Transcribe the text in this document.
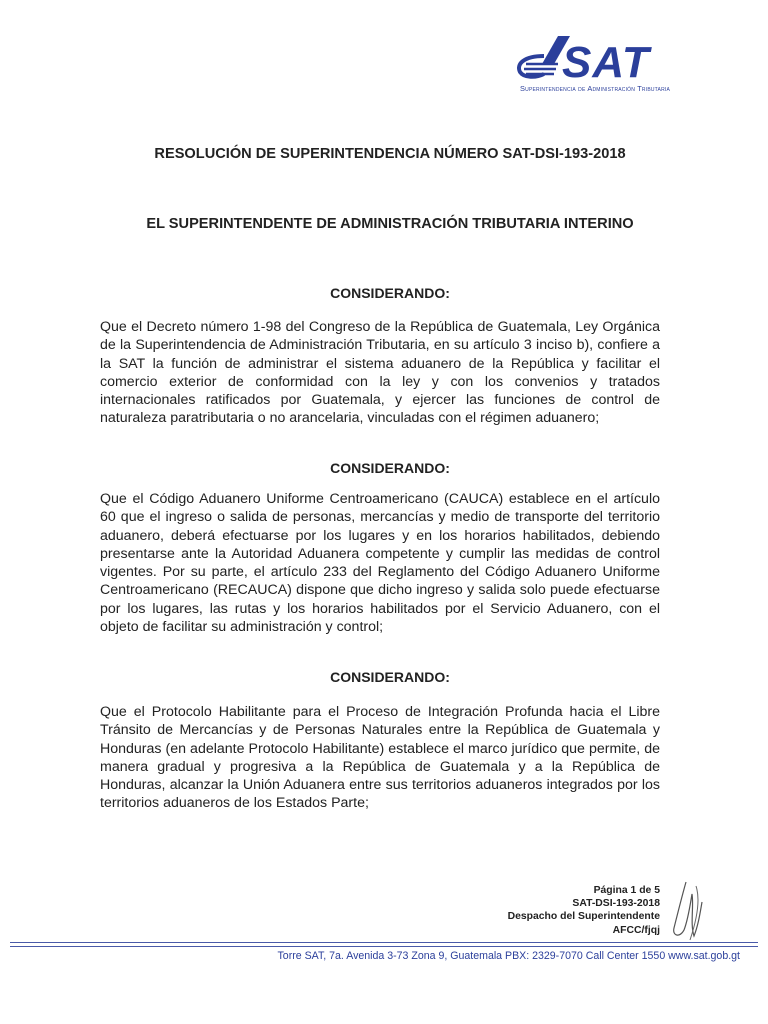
SAT
Superintendencia de Administración Tributaria
RESOLUCIÓN DE SUPERINTENDENCIA NÚMERO SAT-DSI-193-2018
EL SUPERINTENDENTE DE ADMINISTRACIÓN TRIBUTARIA INTERINO
CONSIDERANDO:
Que el Decreto número 1-98 del Congreso de la República de Guatemala, Ley Orgánica de la Superintendencia de Administración Tributaria, en su artículo 3 inciso b), confiere a la SAT la función de administrar el sistema aduanero de la República y facilitar el comercio exterior de conformidad con la ley y con los convenios y tratados internacionales ratificados por Guatemala, y ejercer las funciones de control de naturaleza paratributaria o no arancelaria, vinculadas con el régimen aduanero;
CONSIDERANDO:
Que el Código Aduanero Uniforme Centroamericano (CAUCA) establece en el artículo 60 que el ingreso o salida de personas, mercancías y medio de transporte del territorio aduanero, deberá efectuarse por los lugares y en los horarios habilitados, debiendo presentarse ante la Autoridad Aduanera competente y cumplir las medidas de control vigentes. Por su parte, el artículo 233 del Reglamento del Código Aduanero Uniforme Centroamericano (RECAUCA) dispone que dicho ingreso y salida solo puede efectuarse por los lugares, las rutas y los horarios habilitados por el Servicio Aduanero, con el objeto de facilitar su administración y control;
CONSIDERANDO:
Que el Protocolo Habilitante para el Proceso de Integración Profunda hacia el Libre Tránsito de Mercancías y de Personas Naturales entre la República de Guatemala y Honduras (en adelante Protocolo Habilitante) establece el marco jurídico que permite, de manera gradual y progresiva a la República de Guatemala y a la República de Honduras, alcanzar la Unión Aduanera entre sus territorios aduaneros integrados por los territorios aduaneros de los Estados Parte;
Página 1 de 5
SAT-DSI-193-2018
Despacho del Superintendente
AFCC/fjqj
Torre SAT, 7a. Avenida 3-73 Zona 9, Guatemala PBX: 2329-7070 Call Center 1550 www.sat.gob.gt
